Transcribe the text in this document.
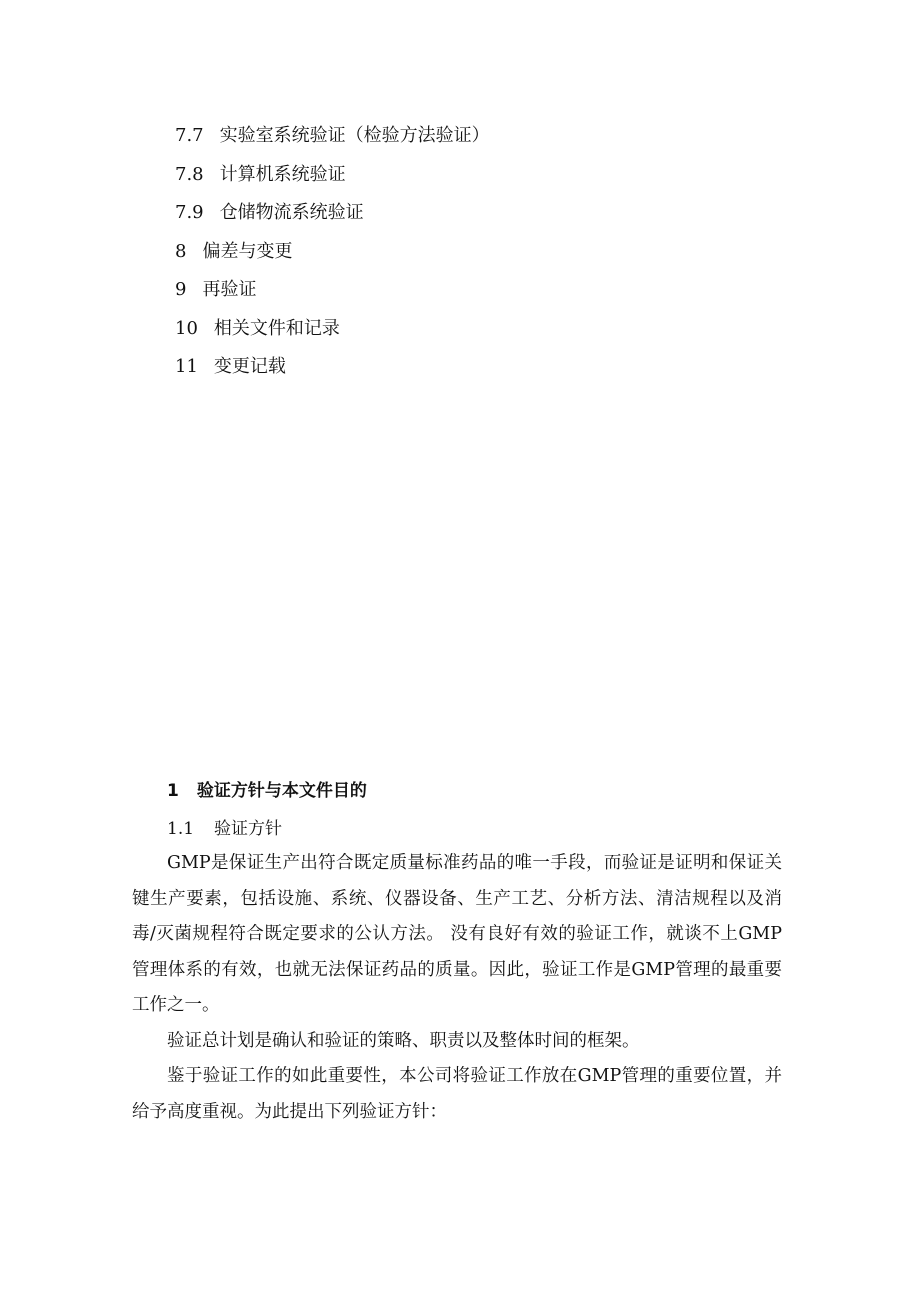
7.7 实验室系统验证（检验方法验证）
7.8 计算机系统验证
7.9 仓储物流系统验证
8 偏差与变更
9 再验证
10 相关文件和记录
11 变更记载
1 验证方针与本文件目的
1.1 验证方针

GMP是保证生产出符合既定质量标准药品的唯一手段，而验证是证明和保证关键生产要素，包括设施、系统、仪器设备、生产工艺、分析方法、清洁规程以及消毒/灭菌规程符合既定要求的公认方法。 没有良好有效的验证工作，就谈不上GMP管理体系的有效，也就无法保证药品的质量。因此，验证工作是GMP管理的最重要工作之一。

验证总计划是确认和验证的策略、职责以及整体时间的框架。

鉴于验证工作的如此重要性，本公司将验证工作放在GMP管理的重要位置，并给予高度重视。为此提出下列验证方针：
